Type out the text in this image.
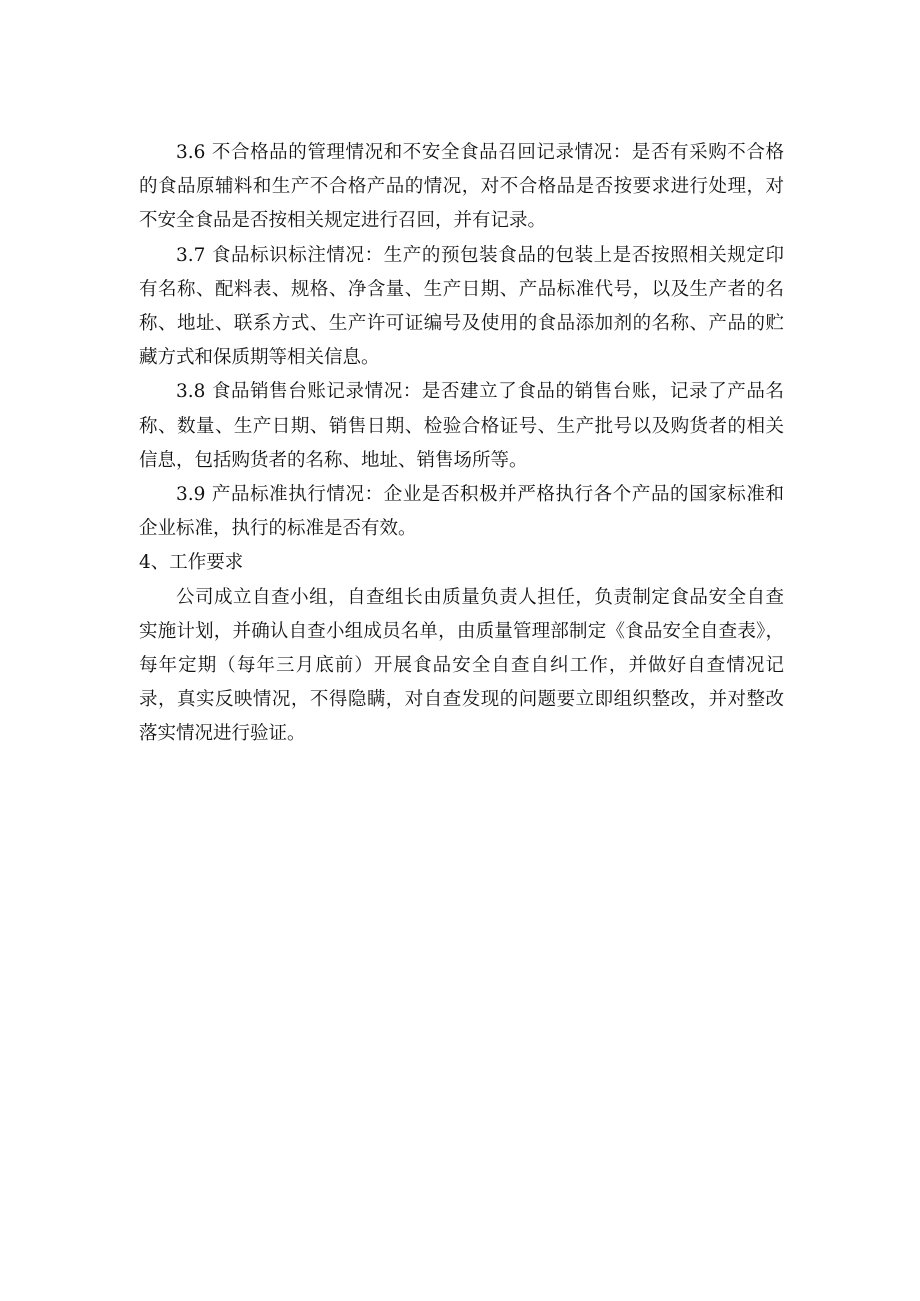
3.6 不合格品的管理情况和不安全食品召回记录情况：是否有采购不合格的食品原辅料和生产不合格产品的情况，对不合格品是否按要求进行处理，对不安全食品是否按相关规定进行召回，并有记录。

3.7 食品标识标注情况：生产的预包装食品的包装上是否按照相关规定印有名称、配料表、规格、净含量、生产日期、产品标准代号，以及生产者的名称、地址、联系方式、生产许可证编号及使用的食品添加剂的名称、产品的贮藏方式和保质期等相关信息。

3.8 食品销售台账记录情况：是否建立了食品的销售台账，记录了产品名称、数量、生产日期、销售日期、检验合格证号、生产批号以及购货者的相关信息，包括购货者的名称、地址、销售场所等。

3.9 产品标准执行情况：企业是否积极并严格执行各个产品的国家标准和企业标准，执行的标准是否有效。

4、工作要求

公司成立自查小组，自查组长由质量负责人担任，负责制定食品安全自查实施计划，并确认自查小组成员名单，由质量管理部制定《食品安全自查表》，每年定期（每年三月底前）开展食品安全自查自纠工作，并做好自查情况记录，真实反映情况，不得隐瞒，对自查发现的问题要立即组织整改，并对整改落实情况进行验证。
